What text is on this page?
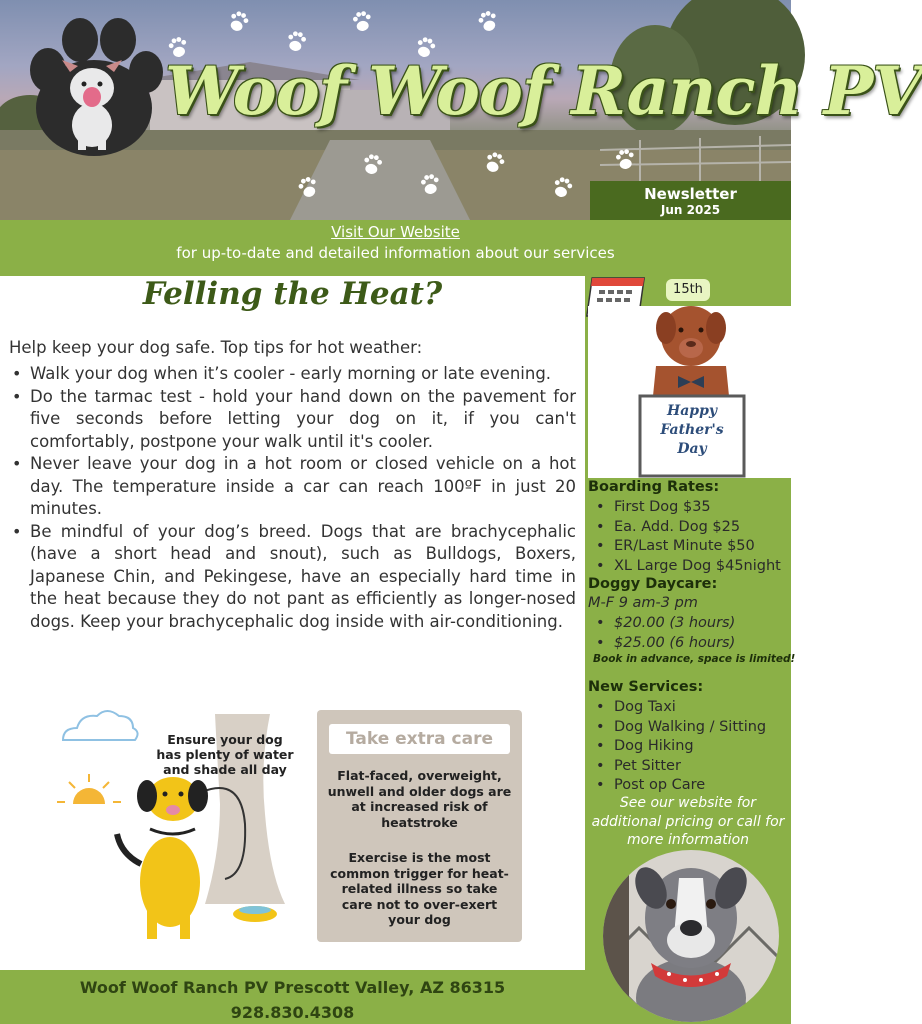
Woof Woof Ranch PV
Newsletter
Jun 2025
Visit Our Website
for up-to-date and detailed information about our services
Felling the Heat?
Help keep your dog safe. Top tips for hot weather:
• Walk your dog when it’s cooler - early morning or late evening.
• Do the tarmac test - hold your hand down on the pavement for five seconds before letting your dog on it, if you can't comfortably, postpone your walk until it's cooler.
• Never leave your dog in a hot room or closed vehicle on a hot day. The temperature inside a car can reach 100ºF in just 20 minutes.
• Be mindful of your dog’s breed. Dogs that are brachycephalic (have a short head and snout), such as Bulldogs, Boxers, Japanese Chin, and Pekingese, have an especially hard time in the heat because they do not pant as efficiently as longer-nosed dogs. Keep your brachycephalic dog inside with air-conditioning.
Ensure your dog has plenty of water and shade all day
Take extra care
Flat-faced, overweight, unwell and older dogs are at increased risk of heatstroke
Exercise is the most common trigger for heat-related illness so take care not to over-exert your dog
15th
Happy
Father's
Day
Boarding Rates:
• First Dog $35
• Ea. Add. Dog $25
• ER/Last Minute $50
• XL Large Dog $45night
Doggy Daycare:
M-F 9 am-3 pm
• $20.00 (3 hours)
• $25.00 (6 hours)
Book in advance, space is limited!
New Services:
• Dog Taxi
• Dog Walking / Sitting
• Dog Hiking
• Pet Sitter
• Post op Care
See our website for additional pricing or call for more information
Woof Woof Ranch PV Prescott Valley, AZ 86315
928.830.4308
